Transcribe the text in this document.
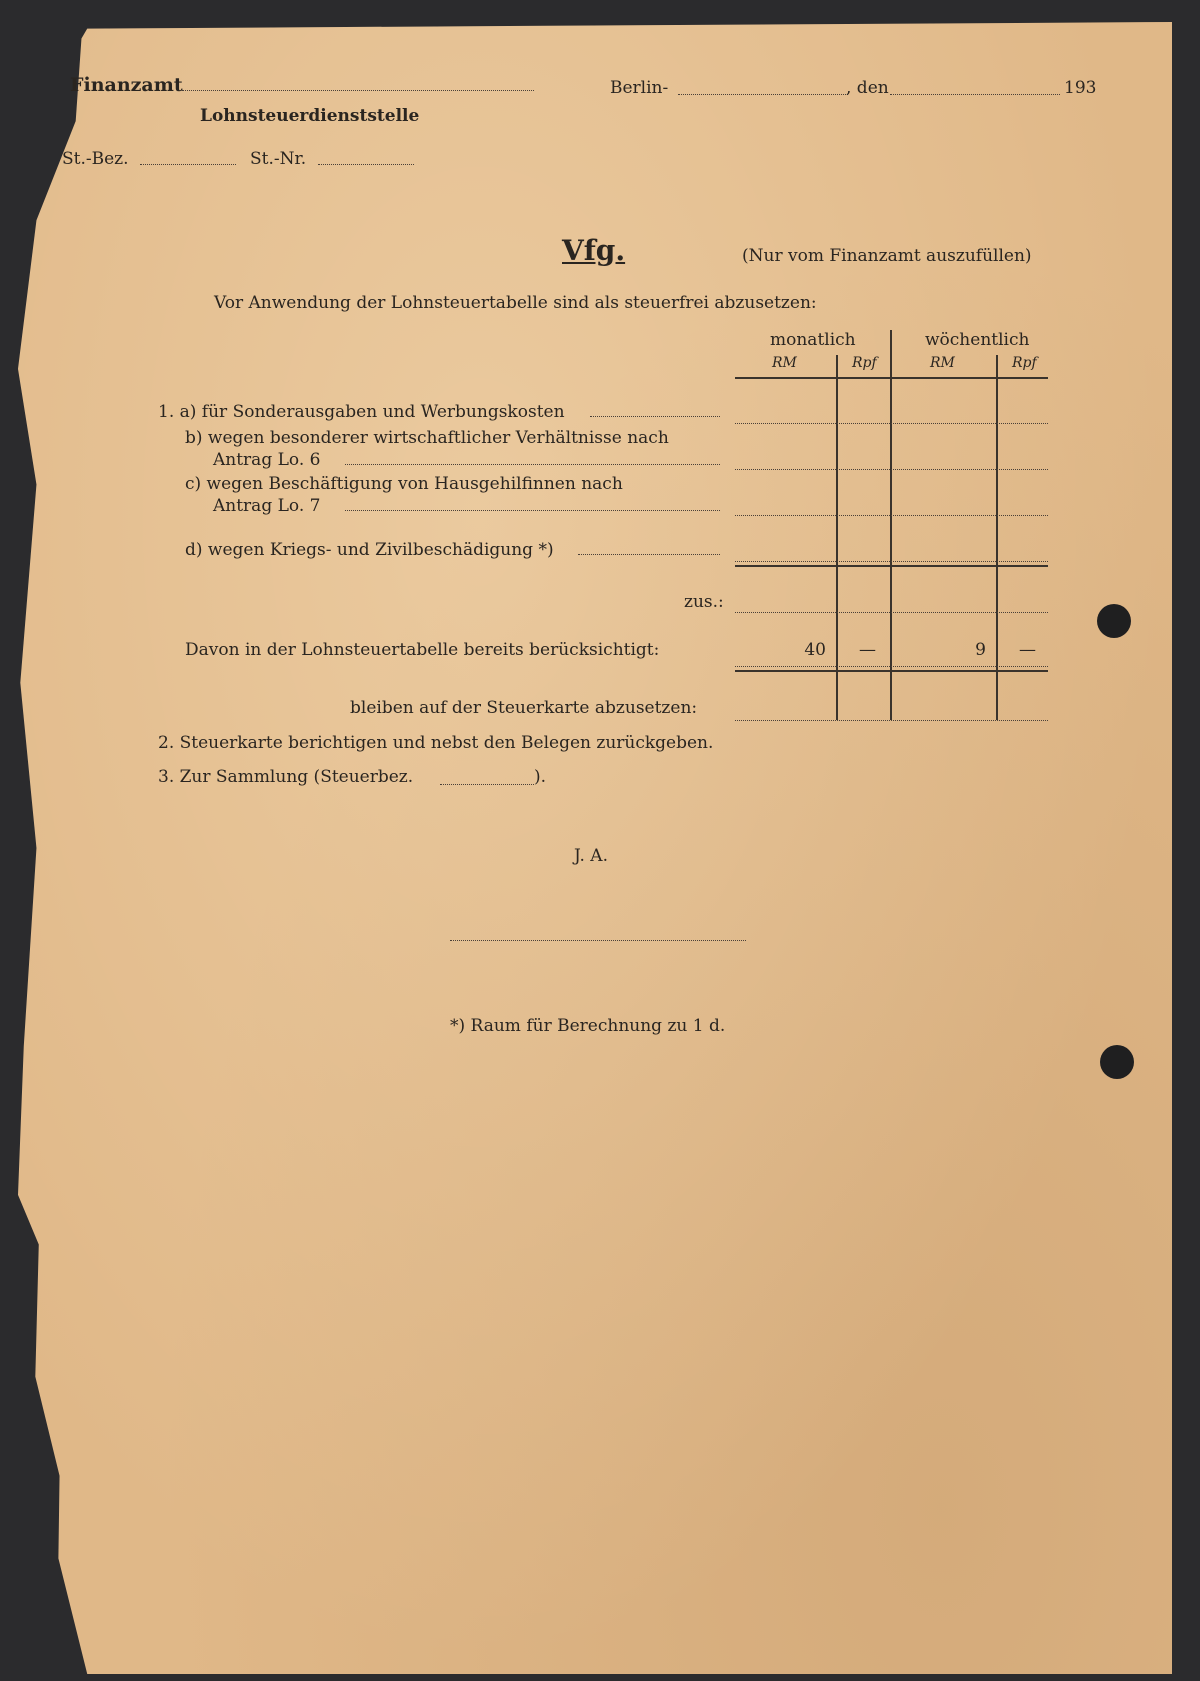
Finanzamt	Berlin-	, den	193
Lohnsteuerdienststelle
St.-Bez.	St.-Nr.
Vfg.	(Nur vom Finanzamt auszufüllen)
Vor Anwendung der Lohnsteuertabelle sind als steuerfrei abzusetzen:
monatlich	wöchentlich
RM	Rpf	RM	Rpf
1. a) für Sonderausgaben und Werbungskosten
b) wegen besonderer wirtschaftlicher Verhältnisse nach
Antrag Lo. 6
c) wegen Beschäftigung von Hausgehilfinnen nach
Antrag Lo. 7
d) wegen Kriegs- und Zivilbeschädigung *)
zus.:
Davon in der Lohnsteuertabelle bereits berücksichtigt:	40	—	9	—
bleiben auf der Steuerkarte abzusetzen:
2. Steuerkarte berichtigen und nebst den Belegen zurückgeben.
3. Zur Sammlung (Steuerbez.	).
J. A.
*) Raum für Berechnung zu 1 d.
